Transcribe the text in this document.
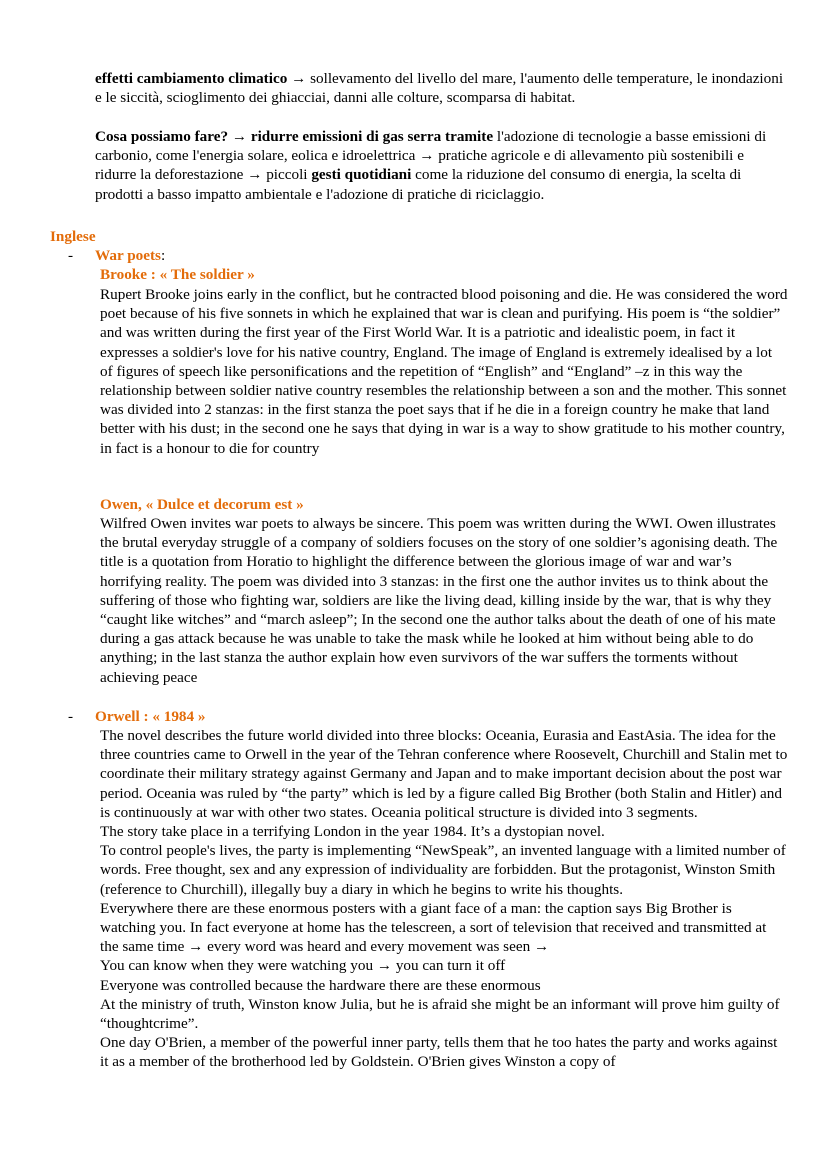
effetti cambiamento climatico → sollevamento del livello del mare, l'aumento delle temperature, le inondazioni e le siccità, scioglimento dei ghiacciai, danni alle colture, scomparsa di habitat.

Cosa possiamo fare? → ridurre emissioni di gas serra tramite l'adozione di tecnologie a basse emissioni di carbonio, come l'energia solare, eolica e idroelettrica → pratiche agricole e di allevamento più sostenibili e ridurre la deforestazione → piccoli gesti quotidiani come la riduzione del consumo di energia, la scelta di prodotti a basso impatto ambientale e l'adozione di pratiche di riciclaggio.

Inglese
- War poets:
Brooke : « The soldier »
Rupert Brooke joins early in the conflict, but he contracted blood poisoning and die. He was considered the word poet because of his five sonnets in which he explained that war is clean and purifying. His poem is “the soldier” and was written during the first year of the First World War. It is a patriotic and idealistic poem, in fact it expresses a soldier's love for his native country, England. The image of England is extremely idealised by a lot of figures of speech like personifications and the repetition of “English” and “England” –z in this way the relationship between soldier native country resembles the relationship between a son and the mother. This sonnet was divided into 2 stanzas: in the first stanza the poet says that if he die in a foreign country he make that land better with his dust; in the second one he says that dying in war is a way to show gratitude to his mother country, in fact is a honour to die for country
Owen, « Dulce et decorum est »
Wilfred Owen invites war poets to always be sincere. This poem was written during the WWI. Owen illustrates the brutal everyday struggle of a company of soldiers focuses on the story of one soldier’s agonising death. The title is a quotation from Horatio to highlight the difference between the glorious image of war and war’s horrifying reality. The poem was divided into 3 stanzas: in the first one the author invites us to think about the suffering of those who fighting war, soldiers are like the living dead, killing inside by the war, that is why they “caught like witches” and “march asleep”; In the second one the author talks about the death of one of his mate during a gas attack because he was unable to take the mask while he looked at him without being able to do anything; in the last stanza the author explain how even survivors of the war suffers the torments without achieving peace
- Orwell : « 1984 »
The novel describes the future world divided into three blocks: Oceania, Eurasia and EastAsia. The idea for the three countries came to Orwell in the year of the Tehran conference where Roosevelt, Churchill and Stalin met to coordinate their military strategy against Germany and Japan and to make important decision about the post war period. Oceania was ruled by “the party” which is led by a figure called Big Brother (both Stalin and Hitler) and is continuously at war with other two states. Oceania political structure is divided into 3 segments.
The story take place in a terrifying London in the year 1984. It’s a dystopian novel.
To control people's lives, the party is implementing “NewSpeak”, an invented language with a limited number of words. Free thought, sex and any expression of individuality are forbidden. But the protagonist, Winston Smith (reference to Churchill), illegally buy a diary in which he begins to write his thoughts.
Everywhere there are these enormous posters with a giant face of a man: the caption says Big Brother is watching you. In fact everyone at home has the telescreen, a sort of television that received and transmitted at the same time → every word was heard and every movement was seen →
You can know when they were watching you → you can turn it off
Everyone was controlled because the hardware there are these enormous
At the ministry of truth, Winston know Julia, but he is afraid she might be an informant will prove him guilty of “thoughtcrime”.
One day O'Brien, a member of the powerful inner party, tells them that he too hates the party and works against it as a member of the brotherhood led by Goldstein. O'Brien gives Winston a copy of
